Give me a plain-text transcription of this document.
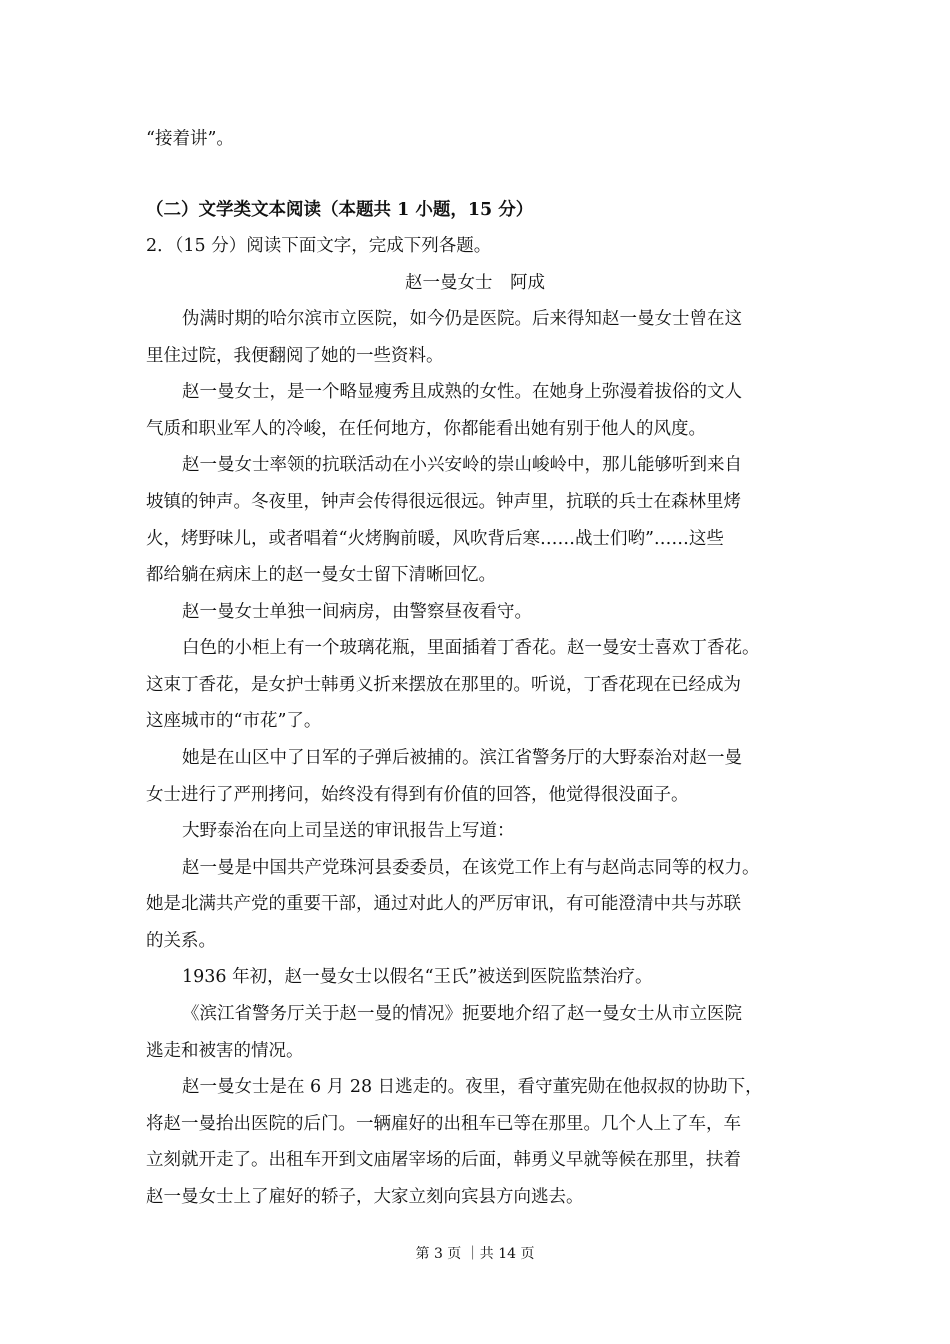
“接着讲”。
（二）文学类文本阅读（本题共 1 小题，15 分）
2．（15 分）阅读下面文字，完成下列各题。
赵一曼女士　阿成
伪满时期的哈尔滨市立医院，如今仍是医院。后来得知赵一曼女士曾在这
里住过院，我便翻阅了她的一些资料。
赵一曼女士，是一个略显瘦秀且成熟的女性。在她身上弥漫着拔俗的文人
气质和职业军人的冷峻，在任何地方，你都能看出她有别于他人的风度。
赵一曼女士率领的抗联活动在小兴安岭的崇山峻岭中，那儿能够听到来自
坡镇的钟声。冬夜里，钟声会传得很远很远。钟声里，抗联的兵士在森林里烤
火，烤野味儿，或者唱着“火烤胸前暖，风吹背后寒……战士们哟”……这些
都给躺在病床上的赵一曼女士留下清晰回忆。
赵一曼女士单独一间病房，由警察昼夜看守。
白色的小柜上有一个玻璃花瓶，里面插着丁香花。赵一曼安士喜欢丁香花。
这束丁香花，是女护士韩勇义折来摆放在那里的。听说，丁香花现在已经成为
这座城市的“市花”了。
她是在山区中了日军的子弹后被捕的。滨江省警务厅的大野泰治对赵一曼
女士进行了严刑拷问，始终没有得到有价值的回答，他觉得很没面子。
大野泰治在向上司呈送的审讯报告上写道：
赵一曼是中国共产党珠河县委委员，在该党工作上有与赵尚志同等的权力。
她是北满共产党的重要干部，通过对此人的严厉审讯，有可能澄清中共与苏联
的关系。
1936 年初，赵一曼女士以假名“王氏”被送到医院监禁治疗。
《滨江省警务厅关于赵一曼的情况》扼要地介绍了赵一曼女士从市立医院
逃走和被害的情况。
赵一曼女士是在 6 月 28 日逃走的。夜里，看守董宪勋在他叔叔的协助下，
将赵一曼抬出医院的后门。一辆雇好的出租车已等在那里。几个人上了车，车
立刻就开走了。出租车开到文庙屠宰场的后面，韩勇义早就等候在那里，扶着
赵一曼女士上了雇好的轿子，大家立刻向宾县方向逃去。
第 3 页 ｜共 14 页
